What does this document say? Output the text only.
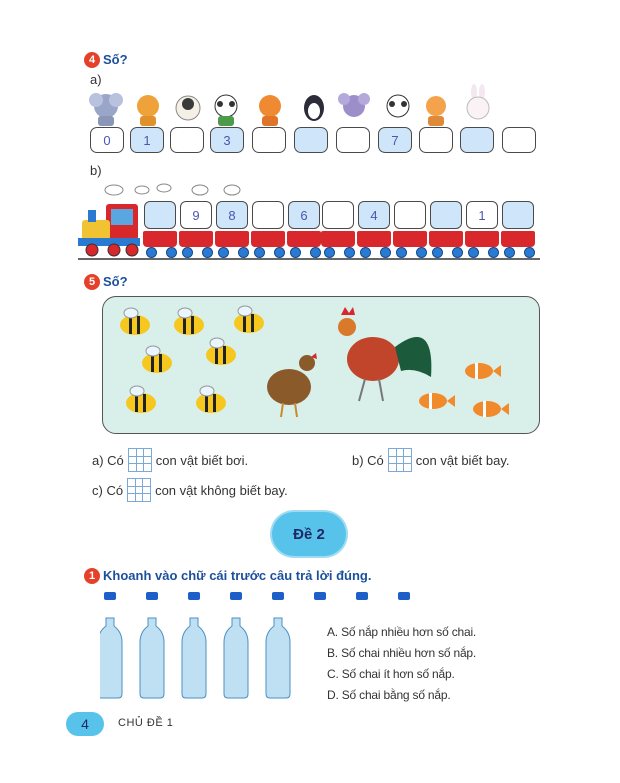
4 Số?
a)
0	1	3	7
b)
9	8	6	4	1
5 Số?
a) Có con vật biết bơi.	b) Có con vật biết bay.
c) Có con vật không biết bay.
Đề 2
1 Khoanh vào chữ cái trước câu trả lời đúng.
A. Số nắp nhiều hơn số chai.
B. Số chai nhiều hơn số nắp.
C. Số chai ít hơn số nắp.
D. Số chai bằng số nắp.
4	CHỦ ĐỀ 1
